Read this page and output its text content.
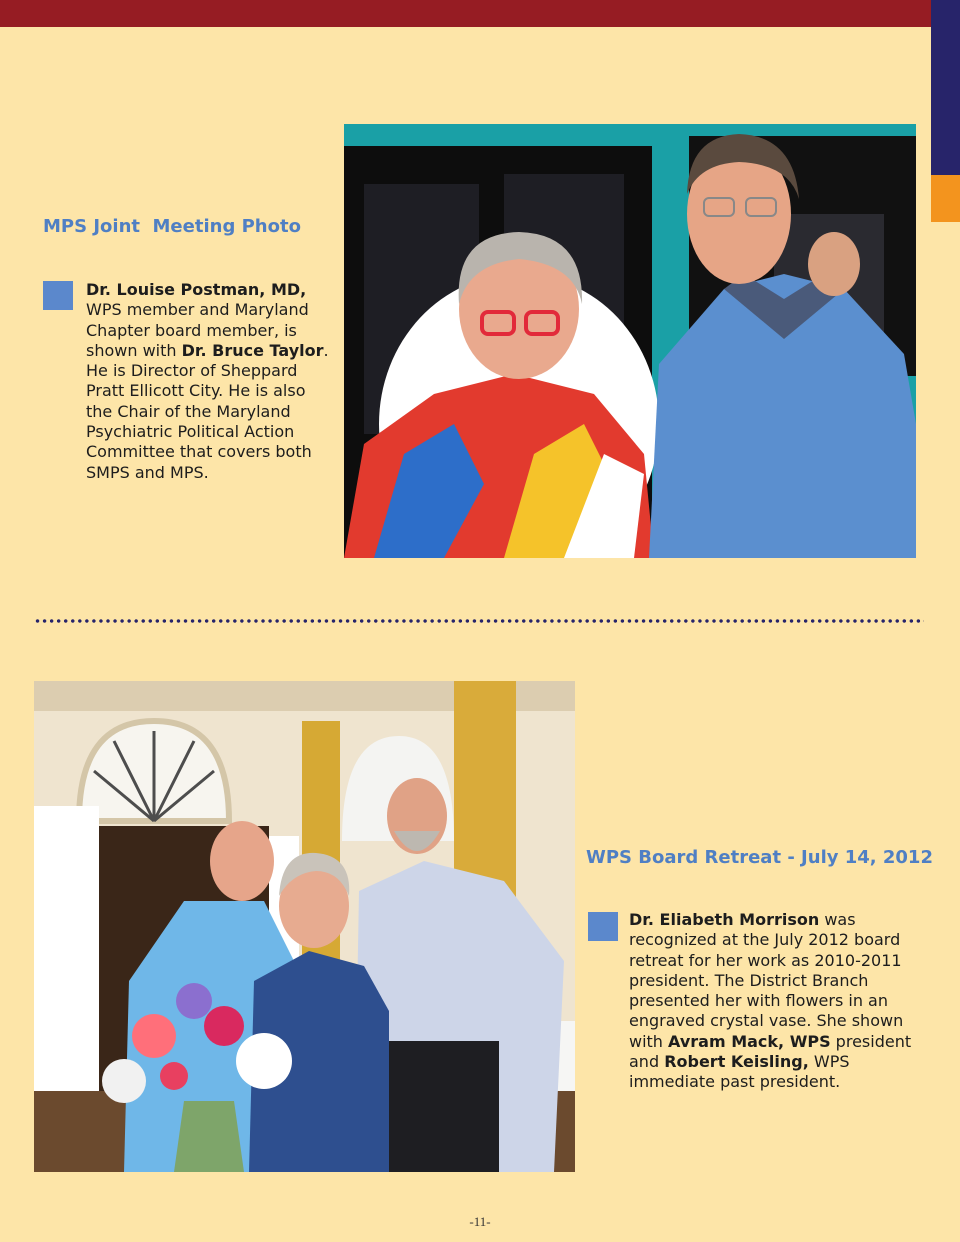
MPS Joint  Meeting Photo

Dr. Louise Postman, MD, WPS member and Maryland Chapter board member, is shown with Dr. Bruce Taylor. He is Director of Sheppard Pratt Ellicott City. He is also the Chair of the Maryland Psychiatric Political Action Committee that covers both SMPS and MPS.

WPS Board Retreat - July 14, 2012

Dr. Eliabeth Morrison was recognized at the July 2012 board retreat for her work as 2010-2011 president. The District Branch presented her with flowers in an engraved crystal vase. She shown with Avram Mack, WPS president and Robert Keisling, WPS immediate past president.

-11-
